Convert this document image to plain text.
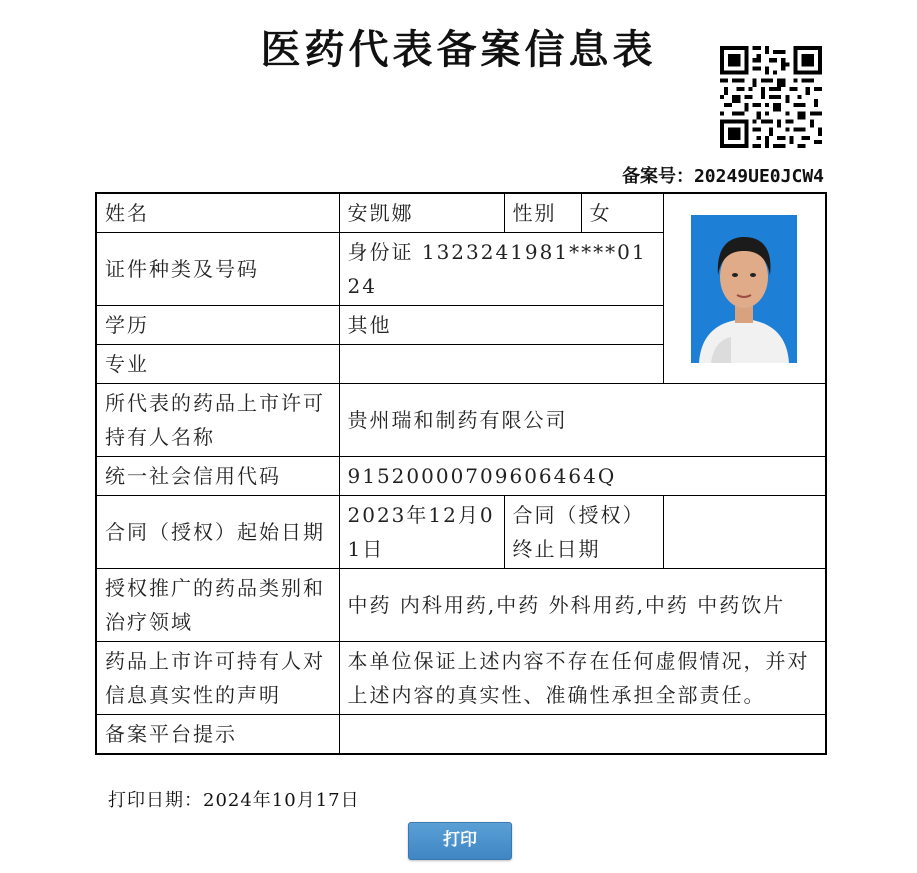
医药代表备案信息表
备案号：20249UE0JCW4
姓名	安凯娜	性别	女	

证件种类及号码	身份证 1323241981****0124			
学历	其他			
专业				
所代表的药品上市许可持有人名称	贵州瑞和制药有限公司			
统一社会信用代码	91520000709606464Q			
合同（授权）起始日期	2023年12月01日	合同（授权）终止日期		
授权推广的药品类别和治疗领域	中药 内科用药,中药 外科用药,中药 中药饮片			
药品上市许可持有人对信息真实性的声明	本单位保证上述内容不存在任何虚假情况，并对上述内容的真实性、准确性承担全部责任。			
备案平台提示				
打印日期：2024年10月17日
打印
